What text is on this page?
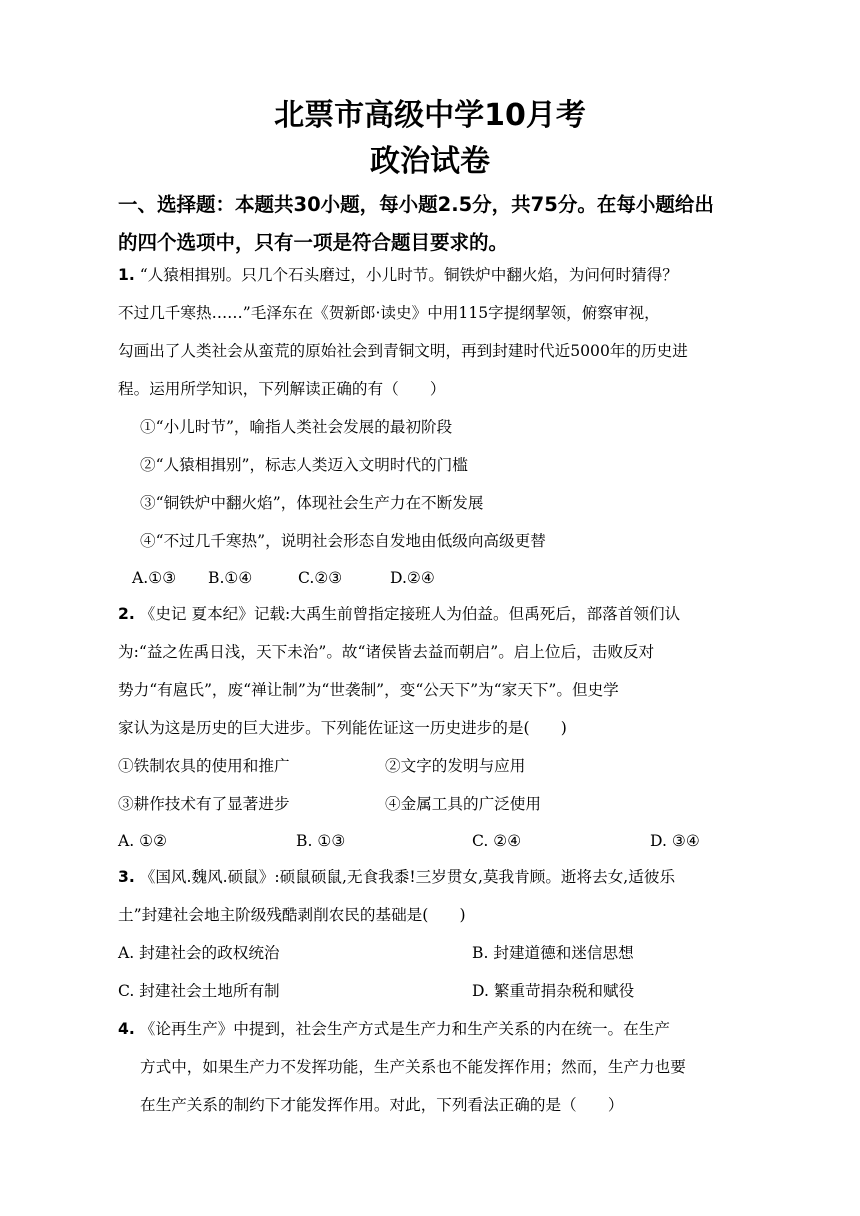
北票市高级中学10月考
政治试卷
一、选择题：本题共30小题，每小题2.5分，共75分。在每小题给出
的四个选项中，只有一项是符合题目要求的。
1. “人猿相揖别。只几个石头磨过，小儿时节。铜铁炉中翻火焰，为问何时猜得？
不过几千寒热……”毛泽东在《贺新郎·读史》中用115字提纲挈领，俯察审视，
勾画出了人类社会从蛮荒的原始社会到青铜文明，再到封建时代近5000年的历史进
程。运用所学知识，下列解读正确的有（　　）
①“小儿时节”，喻指人类社会发展的最初阶段
②“人猿相揖别”，标志人类迈入文明时代的门槛
③“铜铁炉中翻火焰”，体现社会生产力在不断发展
④“不过几千寒热”，说明社会形态自发地由低级向高级更替
A.①③ B.①④	C.②③	D.②④
2. 《史记 夏本纪》记载:大禹生前曾指定接班人为伯益。但禹死后，部落首领们认
为:“益之佐禹日浅，天下未治”。故“诸侯皆去益而朝启”。启上位后，击败反对
势力“有扈氏”，废“禅让制”为“世袭制”，变“公天下”为“家天下”。但史学
家认为这是历史的巨大进步。下列能佐证这一历史进步的是(　　)
①铁制农具的使用和推广	②文字的发明与应用
③耕作技术有了显著进步	④金属工具的广泛使用
A. ①②	B. ①③	C. ②④	D. ③④
3. 《国风.魏风.硕鼠》:硕鼠硕鼠,无食我黍!三岁贯女,莫我肯顾。逝将去女,适彼乐
土”封建社会地主阶级残酷剥削农民的基础是(　　)
A. 封建社会的政权统治	B. 封建道德和迷信思想
C. 封建社会土地所有制	D. 繁重苛捐杂税和赋役
4. 《论再生产》中提到，社会生产方式是生产力和生产关系的内在统一。在生产
方式中，如果生产力不发挥功能，生产关系也不能发挥作用；然而，生产力也要
在生产关系的制约下才能发挥作用。对此，下列看法正确的是（　　）
